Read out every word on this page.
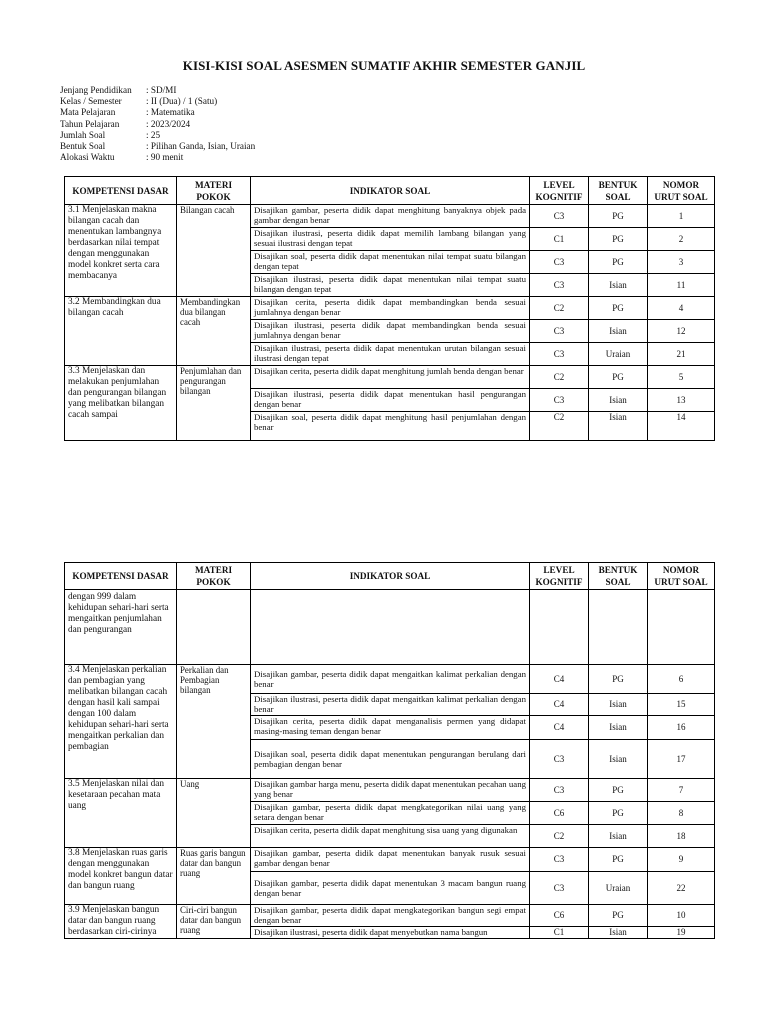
KISI-KISI SOAL ASESMEN SUMATIF AKHIR SEMESTER GANJIL
Jenjang Pendidikan	: SD/MI
Kelas / Semester	: II (Dua) / 1 (Satu)
Mata Pelajaran	: Matematika
Tahun Pelajaran	: 2023/2024
Jumlah Soal	: 25
Bentuk Soal	: Pilihan Ganda, Isian, Uraian
Alokasi Waktu	: 90 menit
KOMPETENSI DASAR	MATERI POKOK	INDIKATOR SOAL	LEVEL KOGNITIF	BENTUK SOAL	NOMOR URUT SOAL
3.1 Menjelaskan makna bilangan cacah dan menentukan lambangnya berdasarkan nilai tempat dengan menggunakan model konkret serta cara membacanya	Bilangan cacah	Disajikan gambar, peserta didik dapat menghitung banyaknya objek pada gambar dengan benar	C3	PG	1
		Disajikan ilustrasi, peserta didik dapat memilih lambang bilangan yang sesuai ilustrasi dengan tepat	C1	PG	2
		Disajikan soal, peserta didik dapat menentukan nilai tempat suatu bilangan dengan tepat	C3	PG	3
		Disajikan ilustrasi, peserta didik dapat menentukan nilai tempat suatu bilangan dengan tepat	C3	Isian	11
3.2 Membandingkan dua bilangan cacah	Membandingkan dua bilangan cacah	Disajikan cerita, peserta didik dapat membandingkan benda sesuai jumlahnya dengan benar	C2	PG	4
		Disajikan ilustrasi, peserta didik dapat membandingkan benda sesuai jumlahnya dengan benar	C3	Isian	12
		Disajikan ilustrasi, peserta didik dapat menentukan urutan bilangan sesuai ilustrasi dengan tepat	C3	Uraian	21
3.3 Menjelaskan dan melakukan penjumlahan dan pengurangan bilangan yang melibatkan bilangan cacah sampai	Penjumlahan dan pengurangan bilangan	Disajikan cerita, peserta didik dapat menghitung jumlah benda dengan benar	C2	PG	5
		Disajikan ilustrasi, peserta didik dapat menentukan hasil pengurangan dengan benar	C3	Isian	13
		Disajikan soal, peserta didik dapat menghitung hasil penjumlahan dengan benar	C2	Isian	14
KOMPETENSI DASAR	MATERI POKOK	INDIKATOR SOAL	LEVEL KOGNITIF	BENTUK SOAL	NOMOR URUT SOAL
dengan 999 dalam kehidupan sehari-hari serta mengaitkan penjumlahan dan pengurangan					
3.4 Menjelaskan perkalian dan pembagian yang melibatkan bilangan cacah dengan hasil kali sampai dengan 100 dalam kehidupan sehari-hari serta mengaitkan perkalian dan pembagian	Perkalian dan Pembagian bilangan	Disajikan gambar, peserta didik dapat mengaitkan kalimat perkalian dengan benar	C4	PG	6
		Disajikan ilustrasi, peserta didik dapat mengaitkan kalimat perkalian dengan benar	C4	Isian	15
		Disajikan cerita, peserta didik dapat menganalisis permen yang didapat masing-masing teman dengan benar	C4	Isian	16
		Disajikan soal, peserta didik dapat menentukan pengurangan berulang dari pembagian dengan benar	C3	Isian	17
3.5 Menjelaskan nilai dan kesetaraan pecahan mata uang	Uang	Disajikan gambar harga menu, peserta didik dapat menentukan pecahan uang yang benar	C3	PG	7
		Disajikan gambar, peserta didik dapat mengkategorikan nilai uang yang setara dengan benar	C6	PG	8
		Disajikan cerita, peserta didik dapat menghitung sisa uang yang digunakan	C2	Isian	18
3.8 Menjelaskan ruas garis dengan menggunakan model konkret bangun datar dan bangun ruang	Ruas garis bangun datar dan bangun ruang	Disajikan gambar, peserta didik dapat menentukan banyak rusuk sesuai gambar dengan benar	C3	PG	9
		Disajikan gambar, peserta didik dapat menentukan 3 macam bangun ruang dengan benar	C3	Uraian	22
3.9 Menjelaskan bangun datar dan bangun ruang berdasarkan ciri-cirinya	Ciri-ciri bangun datar dan bangun ruang	Disajikan gambar, peserta didik dapat mengkategorikan bangun segi empat dengan benar	C6	PG	10
		Disajikan ilustrasi, peserta didik dapat menyebutkan nama bangun	C1	Isian	19
